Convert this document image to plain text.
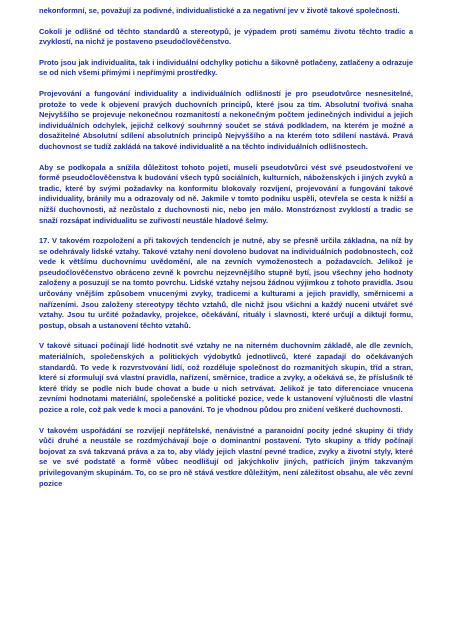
nekonformní, se, považují za podivné, individualistické a za negativní jev v životě takové společnosti.

Cokoli je odlišné od těchto standardů a stereotypů, je výpadem proti samému životu těchto tradic a zvyklostí, na nichž je postaveno pseudočlověčenstvo.

Proto jsou jak individualita, tak i individuální odchylky potichu a šikovně potlačeny, zatlačeny a odrazuje se od nich všemi přímými i nepřímými prostředky.

Projevování a fungování individuality a individuálních odlišností je pro pseudotvůrce nesnesitelné, protože to vede k objevení pravých duchovních principů, které jsou za tím. Absolutní tvořivá snaha Nejvyššího se projevuje nekonečnou rozmanitostí a nekonečným počtem jedinečných individuí a jejich individuálních odchylek, jejichž celkový souhrnný součet se stává podkladem, na kterém je možné a dosažitelné Absolutní sdílení absolutních principů Nejvyššího a na kterém toto sdílení nastává. Pravá duchovnost se tudíž zakládá na takové individualitě a na těchto individuálních odlišnostech.

Aby se podkopala a snížila důležitost tohoto pojetí, museli pseudotvůrci vést své pseudostvoření ve formě pseudočlověčenstva k budování všech typů sociálních, kulturních, náboženských i jiných zvyků a tradic, které by svými požadavky na konformitu blokovaly rozvíjení, projevování a fungování takové individuality, bránily mu a odrazovaly od ně. Jakmile v tomto podniku uspěli, otevřela se cesta k nižší a nižší duchovnosti, až nezůstalo z duchovnosti nic, nebo jen málo. Monstróznost zvyklostí a tradic se snaží rozsápat individualitu se zuřivostí neustále hladové šelmy.

17. V takovém rozpoložení a při takových tendencích je nutné, aby se přesně určila základna, na níž by se odehrávaly lidské vztahy. Takové vztahy není dovoleno budovat na individuálních podobnostech, což vede k většímu duchovnímu uvědomění, ale na zevních vymoženostech a požadavcích. Jelikož je pseudočlověčenstvo obráceno zevně k povrchu nejzevnějšího stupně bytí, jsou všechny jeho hodnoty založeny a posuzují se na tomto povrchu. Lidské vztahy nejsou žádnou výjimkou z tohoto pravidla. Jsou určovány vnějším způsobem vnucenými zvyky, tradicemi a kulturami a jejich pravidly, směrnicemi a nařízeními. Jsou založeny stereotypy těchto vztahů, dle nichž jsou všichni a každý nuceni utvářet své vztahy. Jsou tu určité požadavky, projekce, očekávání, rituály i slavnosti, které určují a diktují formu, postup, obsah a ustanovení těchto vztahů.

V takové situaci počínají lidé hodnotit své vztahy ne na niterném duchovním základě, ale dle zevních, materiálních, společenských a politických výdobytků jednotlivců, které zapadají do očekávaných standardů. To vede k rozvrstvování lidí, což rozděluje společnost do rozmanitých skupin, tříd a stran, které si zformulují svá vlastní pravidla, nařízení, směrnice, tradice a zvyky, a očekává se, že příslušník té které třídy se podle nich bude chovat a bude u nich setrvávat. Jelikož je tato diferenciace vnucena zevními hodnotami materiální, společenské a politické pozice, vede k ustanovení výlučnosti dle vlastní pozice a role, což pak vede k moci a panování. To je vhodnou půdou pro zničení veškeré duchovnosti.

V takovém uspořádání se rozvíjejí nepřátelské, nenávistné a paranoidní pocity jedné skupiny či třídy vůči druhé a neustále se rozdmýchávají boje o dominantní postavení. Tyto skupiny a třídy počínají bojovat za svá takzvaná práva a za to, aby vlády jejich vlastní pevné tradice, zvyky a životní styly, které se ve své podstatě a formě vůbec neodlišují od jakýchkoliv jiných, patřících jiným takzvaným privilegovaným skupinám. To, co se pro ně stává vestkre důležitým, není záležitost obsahu, ale věc zevní pozice
